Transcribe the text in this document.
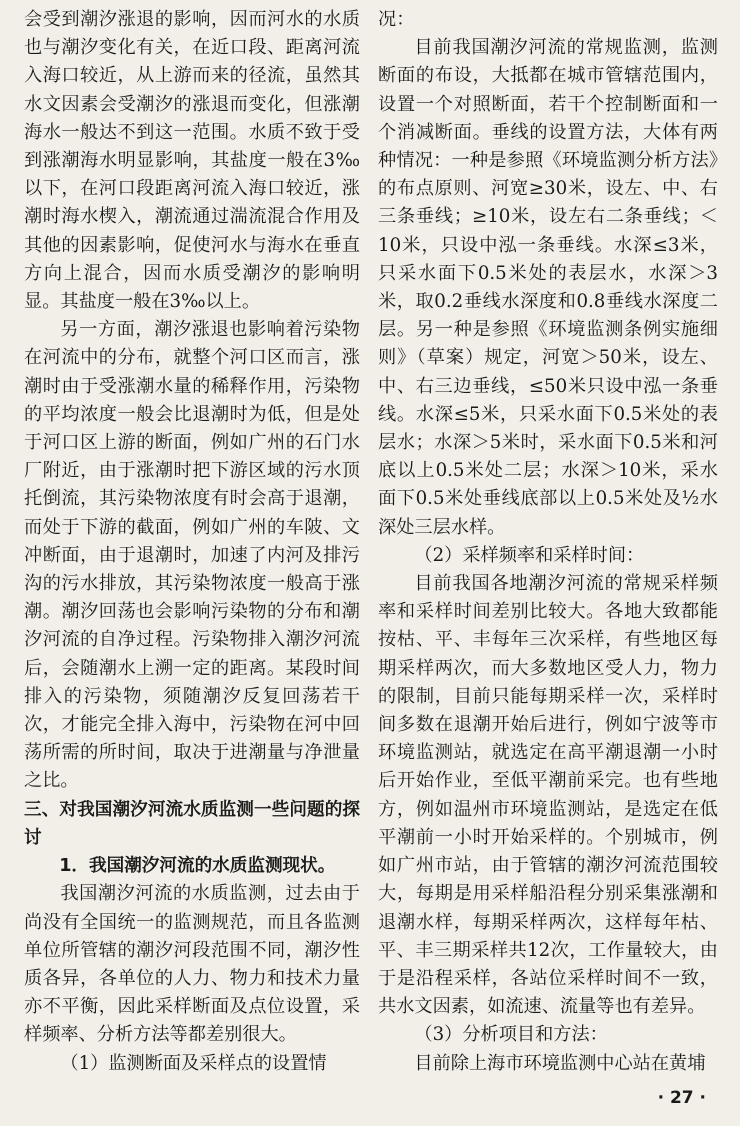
会受到潮汐涨退的影响，因而河水的水质也与潮汐变化有关，在近口段、距离河流入海口较近，从上游而来的径流，虽然其水文因素会受潮汐的涨退而变化，但涨潮海水一般达不到这一范围。水质不致于受到涨潮海水明显影响，其盐度一般在3‰以下，在河口段距离河流入海口较近，涨潮时海水楔入，潮流通过湍流混合作用及其他的因素影响，促使河水与海水在垂直方向上混合，因而水质受潮汐的影响明显。其盐度一般在3‰以上。

另一方面，潮汐涨退也影响着污染物在河流中的分布，就整个河口区而言，涨潮时由于受涨潮水量的稀释作用，污染物的平均浓度一般会比退潮时为低，但是处于河口区上游的断面，例如广州的石门水厂附近，由于涨潮时把下游区域的污水顶托倒流，其污染物浓度有时会高于退潮，而处于下游的截面，例如广州的车陂、文冲断面，由于退潮时，加速了内河及排污沟的污水排放，其污染物浓度一般高于涨潮。潮汐回荡也会影响污染物的分布和潮汐河流的自净过程。污染物排入潮汐河流后，会随潮水上溯一定的距离。某段时间排入的污染物，须随潮汐反复回荡若干次，才能完全排入海中，污染物在河中回荡所需的所时间，取决于进潮量与净泄量之比。

三、对我国潮汐河流水质监测一些问题的探讨

1．我国潮汐河流的水质监测现状。

我国潮汐河流的水质监测，过去由于尚没有全国统一的监测规范，而且各监测单位所管辖的潮汐河段范围不同，潮汐性质各异，各单位的人力、物力和技术力量亦不平衡，因此采样断面及点位设置，采样频率、分析方法等都差别很大。

（1）监测断面及采样点的设置情

况：

目前我国潮汐河流的常规监测，监测断面的布设，大抵都在城市管辖范围内，设置一个对照断面，若干个控制断面和一个消减断面。垂线的设置方法，大体有两种情况：一种是参照《环境监测分析方法》的布点原则、河宽≥30米，设左、中、右三条垂线；≥10米，设左右二条垂线；＜10米，只设中泓一条垂线。水深≤3米，只采水面下0.5米处的表层水，水深＞3米，取0.2垂线水深度和0.8垂线水深度二层。另一种是参照《环境监测条例实施细则》（草案）规定，河宽＞50米，设左、中、右三边垂线，≤50米只设中泓一条垂线。水深≤5米，只采水面下0.5米处的表层水；水深＞5米时，采水面下0.5米和河底以上0.5米处二层；水深＞10米，采水面下0.5米处垂线底部以上0.5米处及½水深处三层水样。

（2）采样频率和采样时间：

目前我国各地潮汐河流的常规采样频率和采样时间差别比较大。各地大致都能按枯、平、丰每年三次采样，有些地区每期采样两次，而大多数地区受人力，物力的限制，目前只能每期采样一次，采样时间多数在退潮开始后进行，例如宁波等市环境监测站，就选定在高平潮退潮一小时后开始作业，至低平潮前采完。也有些地方，例如温州市环境监测站，是选定在低平潮前一小时开始采样的。个别城市，例如广州市站，由于管辖的潮汐河流范围较大，每期是用采样船沿程分别采集涨潮和退潮水样，每期采样两次，这样每年枯、平、丰三期采样共12次，工作量较大，由于是沿程采样，各站位采样时间不一致，共水文因素，如流速、流量等也有差异。

（3）分析项目和方法：

目前除上海市环境监测中心站在黄埔

· 27 ·
